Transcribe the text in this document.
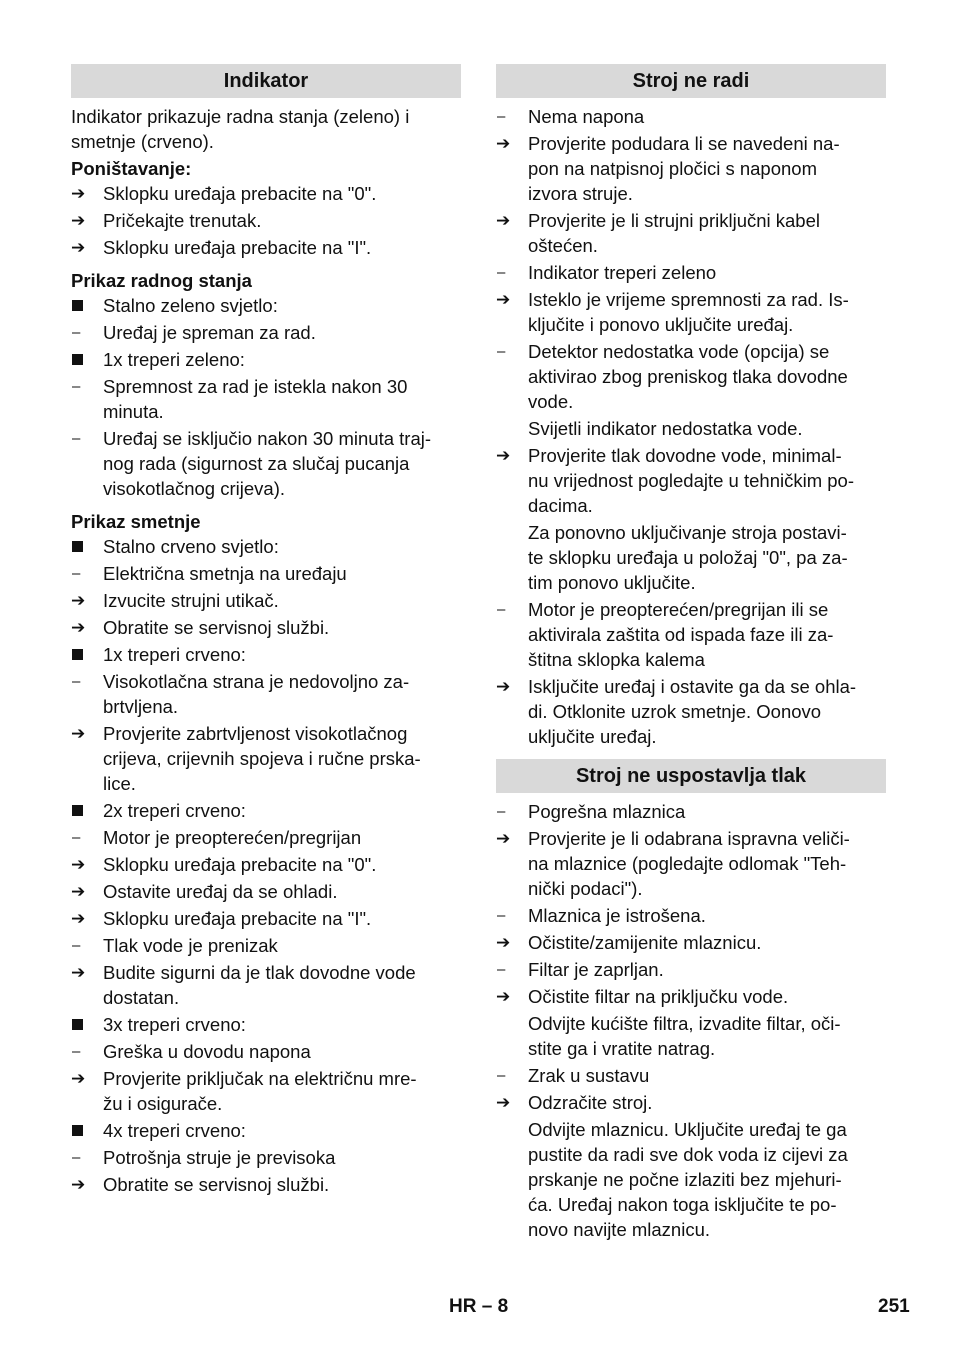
Indikator
Indikator prikazuje radna stanja (zeleno) i
smetnje (crveno).
Poništavanje:
➔ Sklopku uređaja prebacite na "0".
➔ Pričekajte trenutak.
➔ Sklopku uređaja prebacite na "I".
Prikaz radnog stanja
Stalno zeleno svjetlo:
– Uređaj je spreman za rad.
1x treperi zeleno:
– Spremnost za rad je istekla nakon 30
minuta.
– Uređaj se isključio nakon 30 minuta traj-
nog rada (sigurnost za slučaj pucanja
visokotlačnog crijeva).
Prikaz smetnje
Stalno crveno svjetlo:
– Električna smetnja na uređaju
➔ Izvucite strujni utikač.
➔ Obratite se servisnoj službi.
1x treperi crveno:
– Visokotlačna strana je nedovoljno za-
brtvljena.
➔ Provjerite zabrtvljenost visokotlačnog
crijeva, crijevnih spojeva i ručne prska-
lice.
2x treperi crveno:
– Motor je preopterećen/pregrijan
➔ Sklopku uređaja prebacite na "0".
➔ Ostavite uređaj da se ohladi.
➔ Sklopku uređaja prebacite na "I".
– Tlak vode je prenizak
➔ Budite sigurni da je tlak dovodne vode
dostatan.
3x treperi crveno:
– Greška u dovodu napona
➔ Provjerite priključak na električnu mre-
žu i osigurače.
4x treperi crveno:
– Potrošnja struje je previsoka
➔ Obratite se servisnoj službi.
Stroj ne radi
– Nema napona
➔ Provjerite podudara li se navedeni na-
pon na natpisnoj pločici s naponom
izvora struje.
➔ Provjerite je li strujni priključni kabel
oštećen.
– Indikator treperi zeleno
➔ Isteklo je vrijeme spremnosti za rad. Is-
ključite i ponovo uključite uređaj.
– Detektor nedostatka vode (opcija) se
aktivirao zbog preniskog tlaka dovodne
vode.
Svijetli indikator nedostatka vode.
➔ Provjerite tlak dovodne vode, minimal-
nu vrijednost pogledajte u tehničkim po-
dacima.
Za ponovno uključivanje stroja postavi-
te sklopku uređaja u položaj "0", pa za-
tim ponovo uključite.
– Motor je preopterećen/pregrijan ili se
aktivirala zaštita od ispada faze ili za-
štitna sklopka kalema
➔ Isključite uređaj i ostavite ga da se ohla-
di. Otklonite uzrok smetnje. Oonovo
uključite uređaj.
Stroj ne uspostavlja tlak
– Pogrešna mlaznica
➔ Provjerite je li odabrana ispravna veliči-
na mlaznice (pogledajte odlomak "Teh-
nički podaci").
– Mlaznica je istrošena.
➔ Očistite/zamijenite mlaznicu.
– Filtar je zaprljan.
➔ Očistite filtar na priključku vode.
Odvijte kućište filtra, izvadite filtar, oči-
stite ga i vratite natrag.
– Zrak u sustavu
➔ Odzračite stroj.
Odvijte mlaznicu. Uključite uređaj te ga
pustite da radi sve dok voda iz cijevi za
prskanje ne počne izlaziti bez mjehuri-
ća. Uređaj nakon toga isključite te po-
novo navijte mlaznicu.
HR – 8	251
